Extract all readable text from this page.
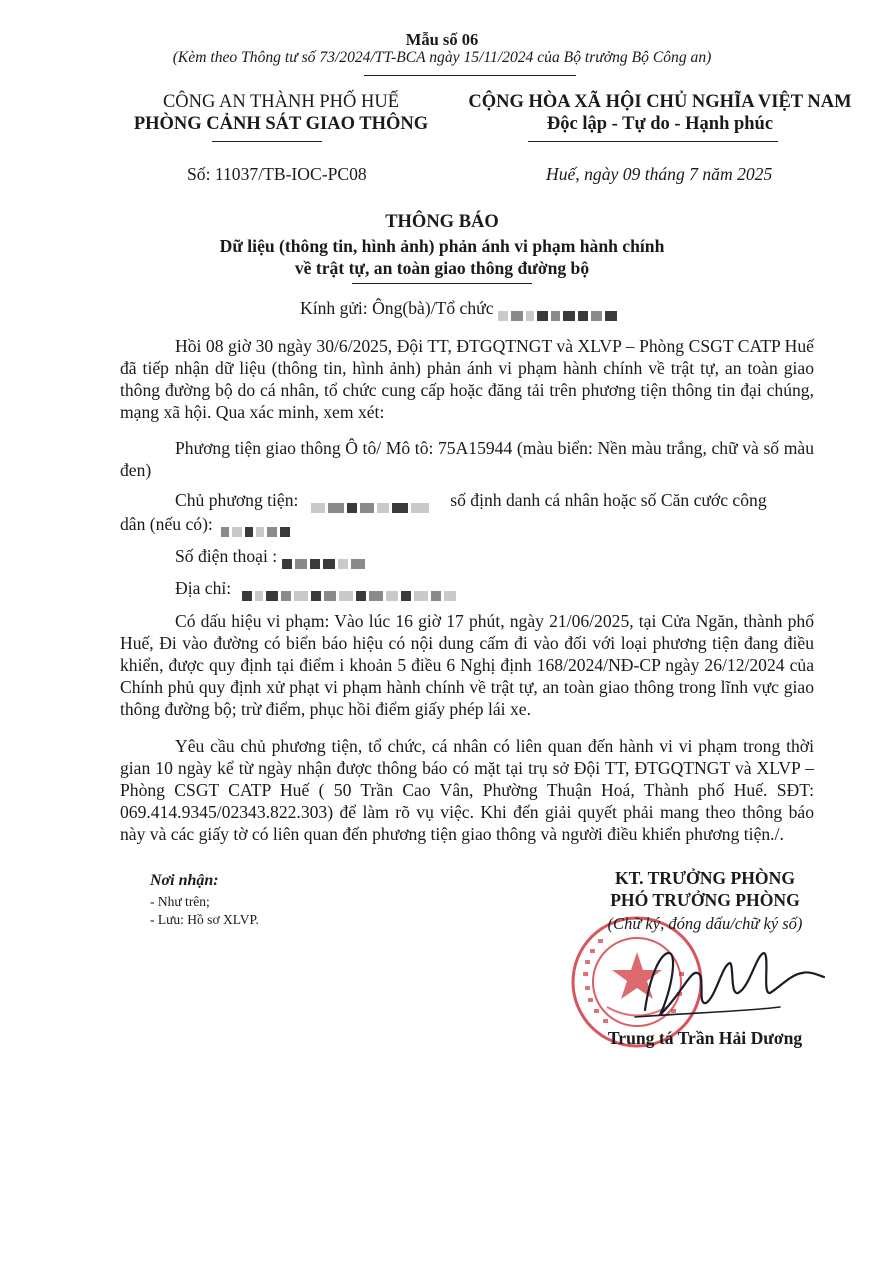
Mẫu số 06
(Kèm theo Thông tư số 73/2024/TT-BCA ngày 15/11/2024 của Bộ trưởng Bộ Công an)
CÔNG AN THÀNH PHỐ HUẾ
PHÒNG CẢNH SÁT GIAO THÔNG
CỘNG HÒA XÃ HỘI CHỦ NGHĨA VIỆT NAM
Độc lập - Tự do - Hạnh phúc
Số: 11037/TB-IOC-PC08	Huế, ngày 09 tháng 7 năm 2025
THÔNG BÁO
Dữ liệu (thông tin, hình ảnh) phản ánh vi phạm hành chính
về trật tự, an toàn giao thông đường bộ
Kính gửi: Ông(bà)/Tổ chức
Hồi 08 giờ 30 ngày 30/6/2025, Đội TT, ĐTGQTNGT và XLVP – Phòng CSGT CATP Huế đã tiếp nhận dữ liệu (thông tin, hình ảnh) phản ánh vi phạm hành chính về trật tự, an toàn giao thông đường bộ do cá nhân, tổ chức cung cấp hoặc đăng tải trên phương tiện thông tin đại chúng, mạng xã hội. Qua xác minh, xem xét:
Phương tiện giao thông Ô tô/ Mô tô: 75A15944 (màu biển: Nền màu trắng, chữ và số màu đen)
Chủ phương tiện:	số định danh cá nhân hoặc số Căn cước công
dân (nếu có):
Số điện thoại :
Địa chỉ:
Có dấu hiệu vi phạm: Vào lúc 16 giờ 17 phút, ngày 21/06/2025, tại Cửa Ngăn, thành phố Huế, Đi vào đường có biển báo hiệu có nội dung cấm đi vào đối với loại phương tiện đang điều khiển, được quy định tại điểm i khoản 5 điều 6 Nghị định 168/2024/NĐ-CP ngày 26/12/2024 của Chính phủ quy định xử phạt vi phạm hành chính về trật tự, an toàn giao thông trong lĩnh vực giao thông đường bộ; trừ điểm, phục hồi điểm giấy phép lái xe.
Yêu cầu chủ phương tiện, tổ chức, cá nhân có liên quan đến hành vi vi phạm trong thời gian 10 ngày kể từ ngày nhận được thông báo có mặt tại trụ sở Đội TT, ĐTGQTNGT và XLVP – Phòng CSGT CATP Huế ( 50 Trần Cao Vân, Phường Thuận Hoá, Thành phố Huế. SĐT: 069.414.9345/02343.822.303) để làm rõ vụ việc. Khi đến giải quyết phải mang theo thông báo này và các giấy tờ có liên quan đến phương tiện giao thông và người điều khiển phương tiện./.
Nơi nhận:
- Như trên;
- Lưu: Hồ sơ XLVP.
KT. TRƯỞNG PHÒNG
PHÓ TRƯỞNG PHÒNG
(Chữ ký, đóng dấu/chữ ký số)
Trung tá Trần Hải Dương
